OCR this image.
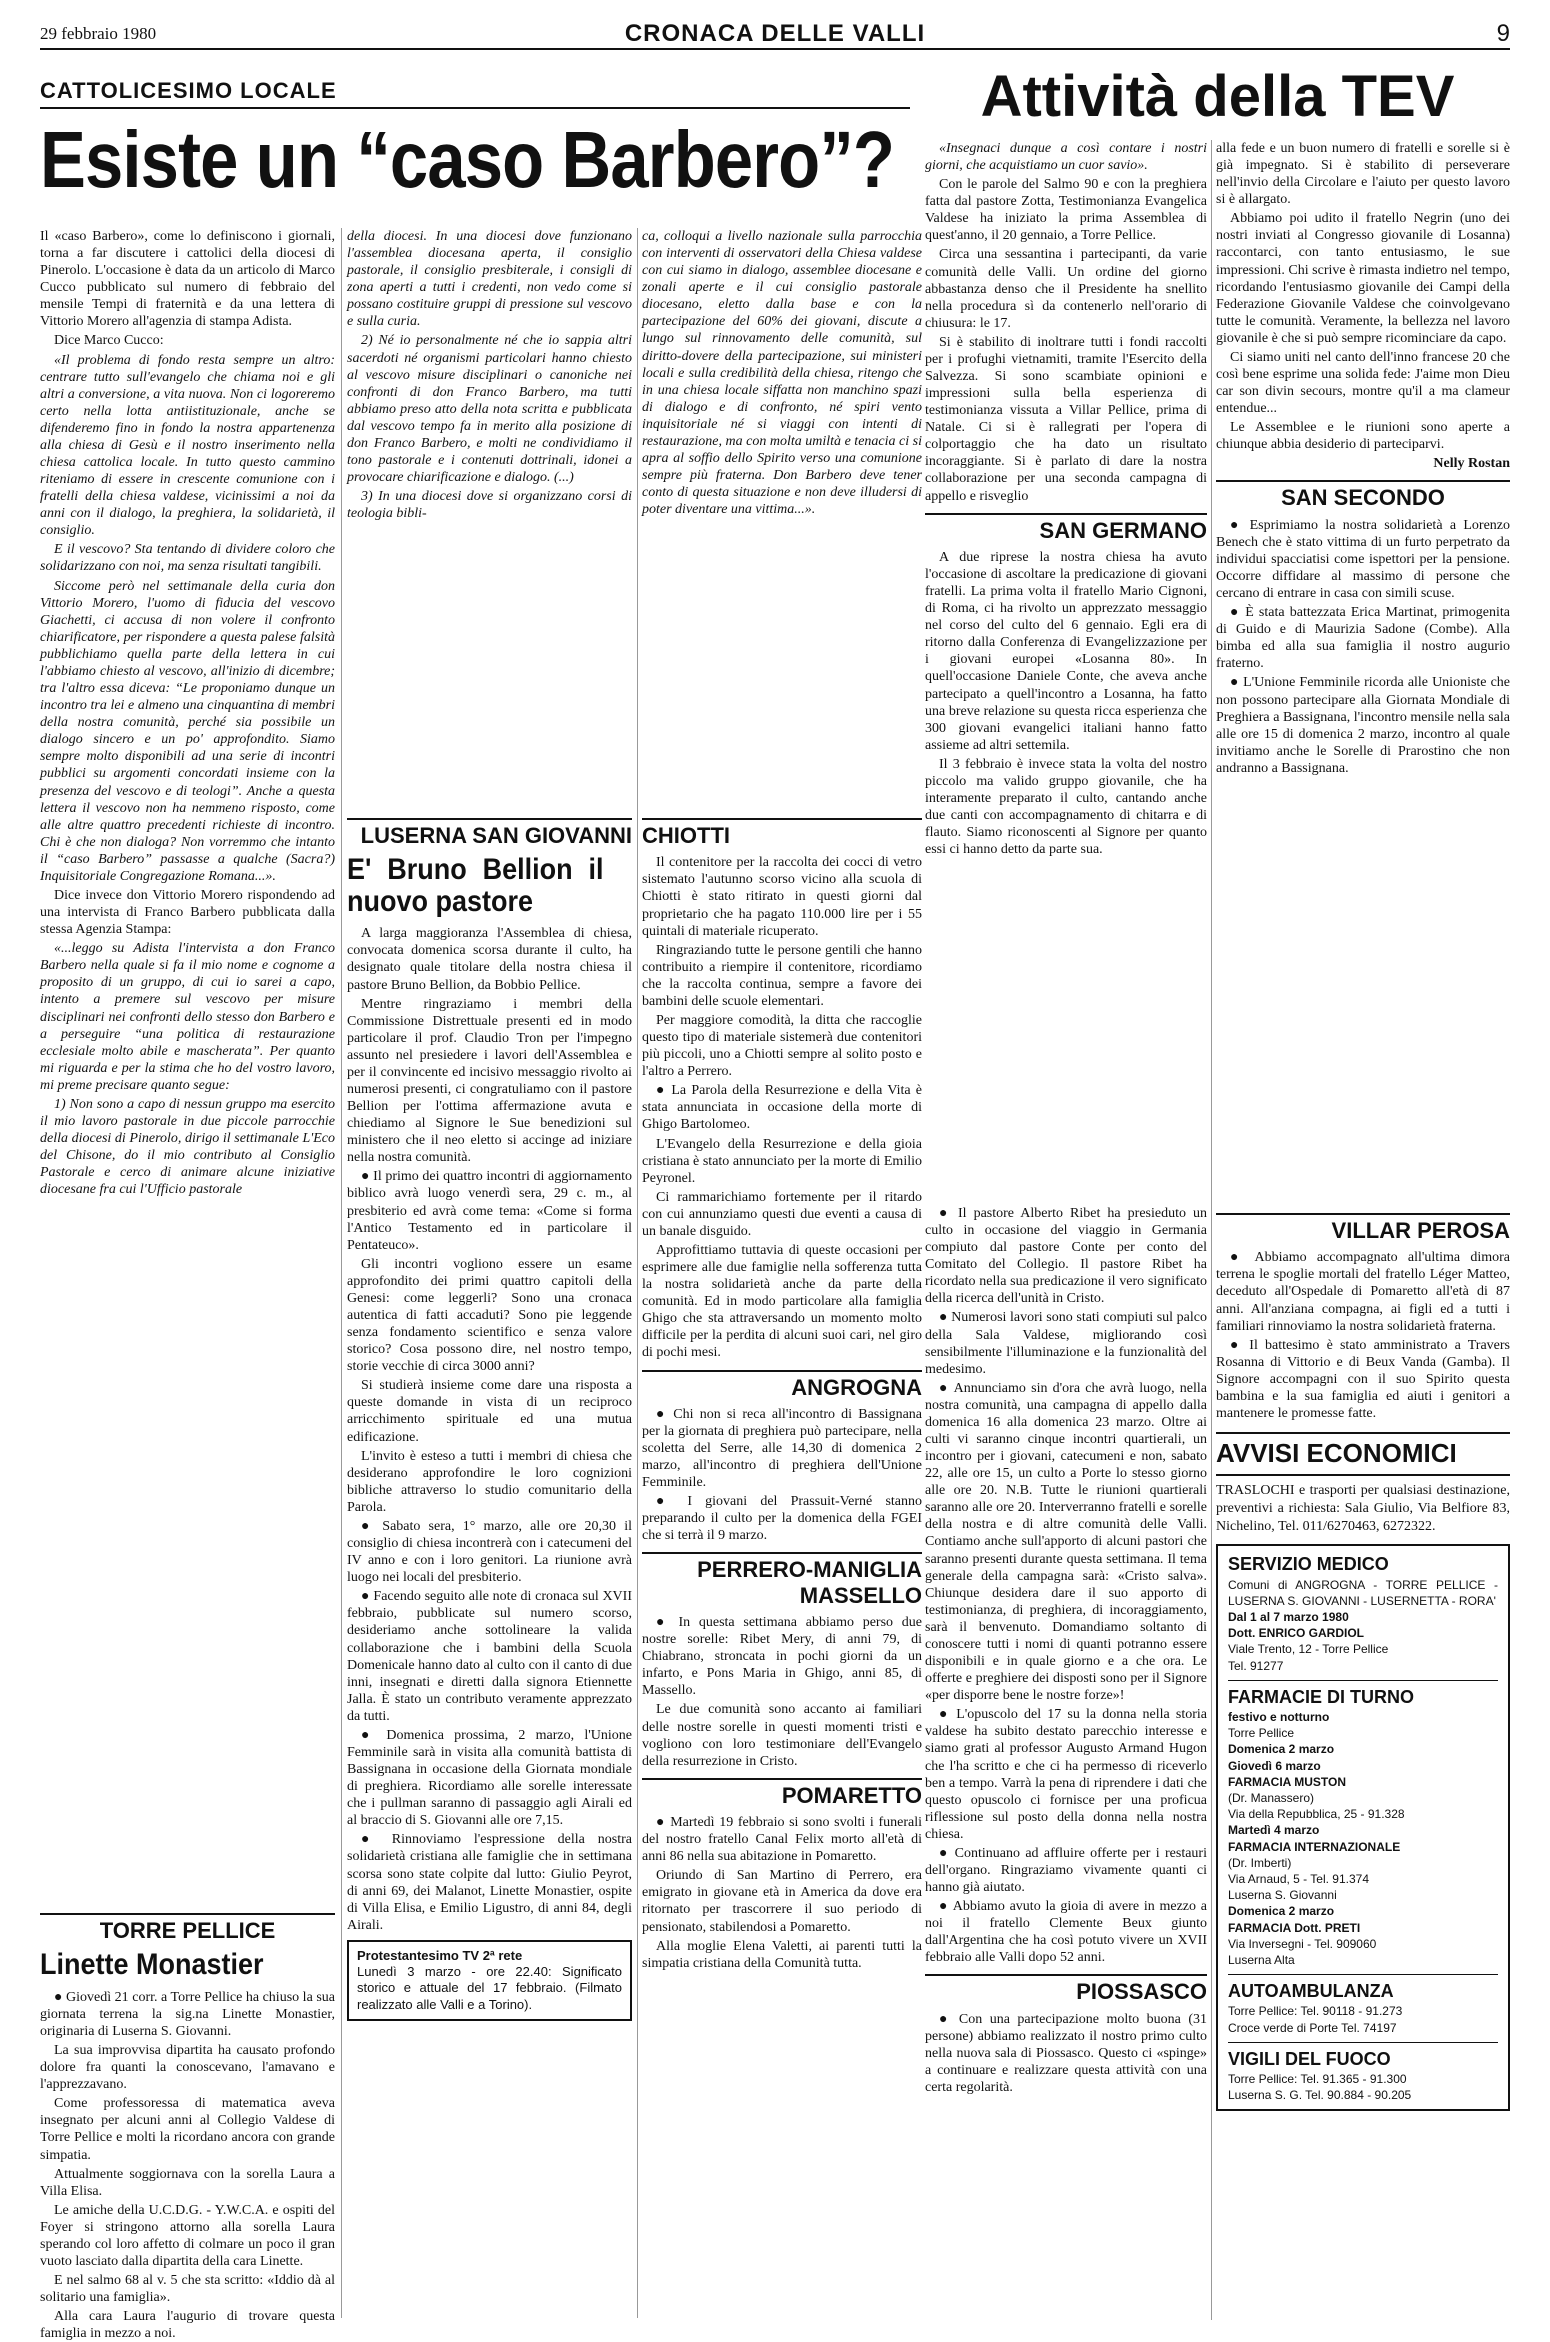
29 febbraio 1980	CRONACA DELLE VALLI	9
CATTOLICESIMO LOCALE
Esiste un “caso Barbero”?
Attività della TEV

Il «caso Barbero», come lo definiscono i giornali, torna a far discutere i cattolici della diocesi di Pinerolo. L'occasione è data da un articolo di Marco Cucco pubblicato sul numero di febbraio del mensile Tempi di fraternità e da una lettera di Vittorio Morero all'agenzia di stampa Adista.

Dice Marco Cucco:

«Il problema di fondo resta sempre un altro: centrare tutto sull'evangelo che chiama noi e gli altri a conversione, a vita nuova. Non ci logoreremo certo nella lotta antiistituzionale, anche se difenderemo fino in fondo la nostra appartenenza alla chiesa di Gesù e il nostro inserimento nella chiesa cattolica locale. In tutto questo cammino riteniamo di essere in crescente comunione con i fratelli della chiesa valdese, vicinissimi a noi da anni con il dialogo, la preghiera, la solidarietà, il consiglio.

E il vescovo? Sta tentando di dividere coloro che solidarizzano con noi, ma senza risultati tangibili.

Siccome però nel settimanale della curia don Vittorio Morero, l'uomo di fiducia del vescovo Giachetti, ci accusa di non volere il confronto chiarificatore, per rispondere a questa palese falsità pubblichiamo quella parte della lettera in cui l'abbiamo chiesto al vescovo, all'inizio di dicembre; tra l'altro essa diceva: “Le proponiamo dunque un incontro tra lei e almeno una cinquantina di membri della nostra comunità, perché sia possibile un dialogo sincero e un po' approfondito. Siamo sempre molto disponibili ad una serie di incontri pubblici su argomenti concordati insieme con la presenza del vescovo e di teologi”. Anche a questa lettera il vescovo non ha nemmeno risposto, come alle altre quattro precedenti richieste di incontro. Chi è che non dialoga? Non vorremmo che intanto il “caso Barbero” passasse a qualche (Sacra?) Inquisitoriale Congregazione Romana...».

Dice invece don Vittorio Morero rispondendo ad una intervista di Franco Barbero pubblicata dalla stessa Agenzia Stampa:

«...leggo su Adista l'intervista a don Franco Barbero nella quale si fa il mio nome e cognome a proposito di un gruppo, di cui io sarei a capo, intento a premere sul vescovo per misure disciplinari nei confronti dello stesso don Barbero e a perseguire “una politica di restaurazione ecclesiale molto abile e mascherata”. Per quanto mi riguarda e per la stima che ho del vostro lavoro, mi preme precisare quanto segue:

1) Non sono a capo di nessun gruppo ma esercito il mio lavoro pastorale in due piccole parrocchie della diocesi di Pinerolo, dirigo il settimanale L'Eco del Chisone, do il mio contributo al Consiglio Pastorale e cerco di animare alcune iniziative diocesane fra cui l'Ufficio pastorale

della diocesi. In una diocesi dove funzionano l'assemblea diocesana aperta, il consiglio pastorale, il consiglio presbiterale, i consigli di zona aperti a tutti i credenti, non vedo come si possano costituire gruppi di pressione sul vescovo e sulla curia.

2) Né io personalmente né che io sappia altri sacerdoti né organismi particolari hanno chiesto al vescovo misure disciplinari o canoniche nei confronti di don Franco Barbero, ma tutti abbiamo preso atto della nota scritta e pubblicata dal vescovo tempo fa in merito alla posizione di don Franco Barbero, e molti ne condividiamo il tono pastorale e i contenuti dottrinali, idonei a provocare chiarificazione e dialogo. (...)

3) In una diocesi dove si organizzano corsi di teologia bibli-

ca, colloqui a livello nazionale sulla parrocchia con interventi di osservatori della Chiesa valdese con cui siamo in dialogo, assemblee diocesane e zonali aperte e il cui consiglio pastorale diocesano, eletto dalla base e con la partecipazione del 60% dei giovani, discute a lungo sul rinnovamento delle comunità, sul diritto-dovere della partecipazione, sui ministeri locali e sulla credibilità della chiesa, ritengo che in una chiesa locale siffatta non manchino spazi di dialogo e di confronto, né spiri vento inquisitoriale né si viaggi con intenti di restaurazione, ma con molta umiltà e tenacia ci si apra al soffio dello Spirito verso una comunione sempre più fraterna. Don Barbero deve tener conto di questa situazione e non deve illudersi di poter diventare una vittima...».

«Insegnaci dunque a così contare i nostri giorni, che acquistiamo un cuor savio».

Con le parole del Salmo 90 e con la preghiera fatta dal pastore Zotta, Testimonianza Evangelica Valdese ha iniziato la prima Assemblea di quest'anno, il 20 gennaio, a Torre Pellice.

Circa una sessantina i partecipanti, da varie comunità delle Valli. Un ordine del giorno abbastanza denso che il Presidente ha snellito nella procedura sì da contenerlo nell'orario di chiusura: le 17.

Si è stabilito di inoltrare tutti i fondi raccolti per i profughi vietnamiti, tramite l'Esercito della Salvezza. Si sono scambiate opinioni e impressioni sulla bella esperienza di testimonianza vissuta a Villar Pellice, prima di Natale. Ci si è rallegrati per l'opera di colportaggio che ha dato un risultato incoraggiante. Si è parlato di dare la nostra collaborazione per una seconda campagna di appello e risveglio

SAN GERMANO

A due riprese la nostra chiesa ha avuto l'occasione di ascoltare la predicazione di giovani fratelli. La prima volta il fratello Mario Cignoni, di Roma, ci ha rivolto un apprezzato messaggio nel corso del culto del 6 gennaio. Egli era di ritorno dalla Conferenza di Evangelizzazione per i giovani europei «Losanna 80». In quell'occasione Daniele Conte, che aveva anche partecipato a quell'incontro a Losanna, ha fatto una breve relazione su questa ricca esperienza che 300 giovani evangelici italiani hanno fatto assieme ad altri settemila.

Il 3 febbraio è invece stata la volta del nostro piccolo ma valido gruppo giovanile, che ha interamente preparato il culto, cantando anche due canti con accompagnamento di chitarra e di flauto. Siamo riconoscenti al Signore per quanto essi ci hanno detto da parte sua.

alla fede e un buon numero di fratelli e sorelle si è già impegnato. Si è stabilito di perseverare nell'invio della Circolare e l'aiuto per questo lavoro si è allargato.

Abbiamo poi udito il fratello Negrin (uno dei nostri inviati al Congresso giovanile di Losanna) raccontarci, con tanto entusiasmo, le sue impressioni. Chi scrive è rimasta indietro nel tempo, ricordando l'entusiasmo giovanile dei Campi della Federazione Giovanile Valdese che coinvolgevano tutte le comunità. Veramente, la bellezza nel lavoro giovanile è che si può sempre ricominciare da capo.

Ci siamo uniti nel canto dell'inno francese 20 che così bene esprime una solida fede: J'aime mon Dieu car son divin secours, montre qu'il a ma clameur entendue...

Le Assemblee e le riunioni sono aperte a chiunque abbia desiderio di parteciparvi.

Nelly Rostan

SAN SECONDO

● Esprimiamo la nostra solidarietà a Lorenzo Benech che è stato vittima di un furto perpetrato da individui spacciatisi come ispettori per la pensione. Occorre diffidare al massimo di persone che cercano di entrare in casa con simili scuse.

● È stata battezzata Erica Martinat, primogenita di Guido e di Maurizia Sadone (Combe). Alla bimba ed alla sua famiglia il nostro augurio fraterno.

● L'Unione Femminile ricorda alle Unioniste che non possono partecipare alla Giornata Mondiale di Preghiera a Bassignana, l'incontro mensile nella sala alle ore 15 di domenica 2 marzo, incontro al quale invitiamo anche le Sorelle di Prarostino che non andranno a Bassignana.

LUSERNA SAN GIOVANNI
E' Bruno Bellion il nuovo pastore

A larga maggioranza l'Assemblea di chiesa, convocata domenica scorsa durante il culto, ha designato quale titolare della nostra chiesa il pastore Bruno Bellion, da Bobbio Pellice.

Mentre ringraziamo i membri della Commissione Distrettuale presenti ed in modo particolare il prof. Claudio Tron per l'impegno assunto nel presiedere i lavori dell'Assemblea e per il convincente ed incisivo messaggio rivolto ai numerosi presenti, ci congratuliamo con il pastore Bellion per l'ottima affermazione avuta e chiediamo al Signore le Sue benedizioni sul ministero che il neo eletto si accinge ad iniziare nella nostra comunità.

● Il primo dei quattro incontri di aggiornamento biblico avrà luogo venerdì sera, 29 c. m., al presbiterio ed avrà come tema: «Come si forma l'Antico Testamento ed in particolare il Pentateuco».

Gli incontri vogliono essere un esame approfondito dei primi quattro capitoli della Genesi: come leggerli? Sono una cronaca autentica di fatti accaduti? Sono pie leggende senza fondamento scientifico e senza valore storico? Cosa possono dire, nel nostro tempo, storie vecchie di circa 3000 anni?

Si studierà insieme come dare una risposta a queste domande in vista di un reciproco arricchimento spirituale ed una mutua edificazione.

L'invito è esteso a tutti i membri di chiesa che desiderano approfondire le loro cognizioni bibliche attraverso lo studio comunitario della Parola.

● Sabato sera, 1° marzo, alle ore 20,30 il consiglio di chiesa incontrerà con i catecumeni del IV anno e con i loro genitori. La riunione avrà luogo nei locali del presbiterio.

● Facendo seguito alle note di cronaca sul XVII febbraio, pubblicate sul numero scorso, desideriamo anche sottolineare la valida collaborazione che i bambini della Scuola Domenicale hanno dato al culto con il canto di due inni, insegnati e diretti dalla signora Etiennette Jalla. È stato un contributo veramente apprezzato da tutti.

● Domenica prossima, 2 marzo, l'Unione Femminile sarà in visita alla comunità battista di Bassignana in occasione della Giornata mondiale di preghiera. Ricordiamo alle sorelle interessate che i pullman saranno di passaggio agli Airali ed al braccio di S. Giovanni alle ore 7,15.

● Rinnoviamo l'espressione della nostra solidarietà cristiana alle famiglie che in settimana scorsa sono state colpite dal lutto: Giulio Peyrot, di anni 69, dei Malanot, Linette Monastier, ospite di Villa Elisa, e Emilio Ligustro, di anni 84, degli Airali.

Protestantesimo TV 2ª rete
Lunedì 3 marzo - ore 22.40: Significato storico e attuale del 17 febbraio. (Filmato realizzato alle Valli e a Torino).
TORRE PELLICE
Linette Monastier

● Giovedì 21 corr. a Torre Pellice ha chiuso la sua giornata terrena la sig.na Linette Monastier, originaria di Luserna S. Giovanni.

La sua improvvisa dipartita ha causato profondo dolore fra quanti la conoscevano, l'amavano e l'apprezzavano.

Come professoressa di matematica aveva insegnato per alcuni anni al Collegio Valdese di Torre Pellice e molti la ricordano ancora con grande simpatia.

Attualmente soggiornava con la sorella Laura a Villa Elisa.

Le amiche della U.C.D.G. - Y.W.C.A. e ospiti del Foyer si stringono attorno alla sorella Laura sperando col loro affetto di colmare un poco il gran vuoto lasciato dalla dipartita della cara Linette.

E nel salmo 68 al v. 5 che sta scritto: «Iddio dà al solitario una famiglia».

Alla cara Laura l'augurio di trovare questa famiglia in mezzo a noi.

CHIOTTI

Il contenitore per la raccolta dei cocci di vetro sistemato l'autunno scorso vicino alla scuola di Chiotti è stato ritirato in questi giorni dal proprietario che ha pagato 110.000 lire per i 55 quintali di materiale ricuperato.

Ringraziando tutte le persone gentili che hanno contribuito a riempire il contenitore, ricordiamo che la raccolta continua, sempre a favore dei bambini delle scuole elementari.

Per maggiore comodità, la ditta che raccoglie questo tipo di materiale sistemerà due contenitori più piccoli, uno a Chiotti sempre al solito posto e l'altro a Perrero.

● La Parola della Resurrezione e della Vita è stata annunciata in occasione della morte di Ghigo Bartolomeo.

L'Evangelo della Resurrezione e della gioia cristiana è stato annunciato per la morte di Emilio Peyronel.

Ci rammarichiamo fortemente per il ritardo con cui annunziamo questi due eventi a causa di un banale disguido.

Approfittiamo tuttavia di queste occasioni per esprimere alle due famiglie nella sofferenza tutta la nostra solidarietà anche da parte della comunità. Ed in modo particolare alla famiglia Ghigo che sta attraversando un momento molto difficile per la perdita di alcuni suoi cari, nel giro di pochi mesi.

ANGROGNA

● Chi non si reca all'incontro di Bassignana per la giornata di preghiera può partecipare, nella scoletta del Serre, alle 14,30 di domenica 2 marzo, all'incontro di preghiera dell'Unione Femminile.

● I giovani del Prassuit-Verné stanno preparando il culto per la domenica della FGEI che si terrà il 9 marzo.

PERRERO-MANIGLIA MASSELLO

● In questa settimana abbiamo perso due nostre sorelle: Ribet Mery, di anni 79, di Chiabrano, stroncata in pochi giorni da un infarto, e Pons Maria in Ghigo, anni 85, di Massello.

Le due comunità sono accanto ai familiari delle nostre sorelle in questi momenti tristi e vogliono con loro testimoniare dell'Evangelo della resurrezione in Cristo.

POMARETTO

● Martedì 19 febbraio si sono svolti i funerali del nostro fratello Canal Felix morto all'età di anni 86 nella sua abitazione in Pomaretto.

Oriundo di San Martino di Perrero, era emigrato in giovane età in America da dove era ritornato per trascorrere il suo periodo di pensionato, stabilendosi a Pomaretto.

Alla moglie Elena Valetti, ai parenti tutti la simpatia cristiana della Comunità tutta.

● Il pastore Alberto Ribet ha presieduto un culto in occasione del viaggio in Germania compiuto dal pastore Conte per conto del Comitato del Collegio. Il pastore Ribet ha ricordato nella sua predicazione il vero significato della ricerca dell'unità in Cristo.

● Numerosi lavori sono stati compiuti sul palco della Sala Valdese, migliorando così sensibilmente l'illuminazione e la funzionalità del medesimo.

● Annunciamo sin d'ora che avrà luogo, nella nostra comunità, una campagna di appello dalla domenica 16 alla domenica 23 marzo. Oltre ai culti vi saranno cinque incontri quartierali, un incontro per i giovani, catecumeni e non, sabato 22, alle ore 15, un culto a Porte lo stesso giorno alle ore 20. N.B. Tutte le riunioni quartierali saranno alle ore 20. Interverranno fratelli e sorelle della nostra e di altre comunità delle Valli. Contiamo anche sull'apporto di alcuni pastori che saranno presenti durante questa settimana. Il tema generale della campagna sarà: «Cristo salva». Chiunque desidera dare il suo apporto di testimonianza, di preghiera, di incoraggiamento, sarà il benvenuto. Domandiamo soltanto di conoscere tutti i nomi di quanti potranno essere disponibili e in quale giorno e a che ora. Le offerte e preghiere dei disposti sono per il Signore «per disporre bene le nostre forze»!

● L'opuscolo del 17 su la donna nella storia valdese ha subito destato parecchio interesse e siamo grati al professor Augusto Armand Hugon che l'ha scritto e che ci ha permesso di riceverlo ben a tempo. Varrà la pena di riprendere i dati che questo opuscolo ci fornisce per una proficua riflessione sul posto della donna nella nostra chiesa.

● Continuano ad affluire offerte per i restauri dell'organo. Ringraziamo vivamente quanti ci hanno già aiutato.

● Abbiamo avuto la gioia di avere in mezzo a noi il fratello Clemente Beux giunto dall'Argentina che ha così potuto vivere un XVII febbraio alle Valli dopo 52 anni.

PIOSSASCO

● Con una partecipazione molto buona (31 persone) abbiamo realizzato il nostro primo culto nella nuova sala di Piossasco. Questo ci «spinge» a continuare e realizzare questa attività con una certa regolarità.

VILLAR PEROSA

● Abbiamo accompagnato all'ultima dimora terrena le spoglie mortali del fratello Léger Matteo, deceduto all'Ospedale di Pomaretto all'età di 87 anni. All'anziana compagna, ai figli ed a tutti i familiari rinnoviamo la nostra solidarietà fraterna.

● Il battesimo è stato amministrato a Travers Rosanna di Vittorio e di Beux Vanda (Gamba). Il Signore accompagni con il suo Spirito questa bambina e la sua famiglia ed aiuti i genitori a mantenere le promesse fatte.

AVVISI ECONOMICI
TRASLOCHI e trasporti per qualsiasi destinazione, preventivi a richiesta: Sala Giulio, Via Belfiore 83, Nichelino, Tel. 011/6270463, 6272322.
SERVIZIO MEDICO
Comuni di ANGROGNA - TORRE PELLICE - LUSERNA S. GIOVANNI - LUSERNETTA - RORA'
Dal 1 al 7 marzo 1980
Dott. ENRICO GARDIOL
Viale Trento, 12 - Torre Pellice
Tel. 91277
FARMACIE DI TURNO
festivo e notturno
Torre Pellice
Domenica 2 marzo
Giovedì 6 marzo
FARMACIA MUSTON
(Dr. Manassero)
Via della Repubblica, 25 - 91.328
Martedì 4 marzo
FARMACIA INTERNAZIONALE
(Dr. Imberti)
Via Arnaud, 5 - Tel. 91.374
Luserna S. Giovanni
Domenica 2 marzo
FARMACIA Dott. PRETI
Via Inversegni - Tel. 909060
Luserna Alta
AUTOAMBULANZA
Torre Pellice: Tel. 90118 - 91.273
Croce verde di Porte Tel. 74197
VIGILI DEL FUOCO
Torre Pellice: Tel. 91.365 - 91.300
Luserna S. G. Tel. 90.884 - 90.205
